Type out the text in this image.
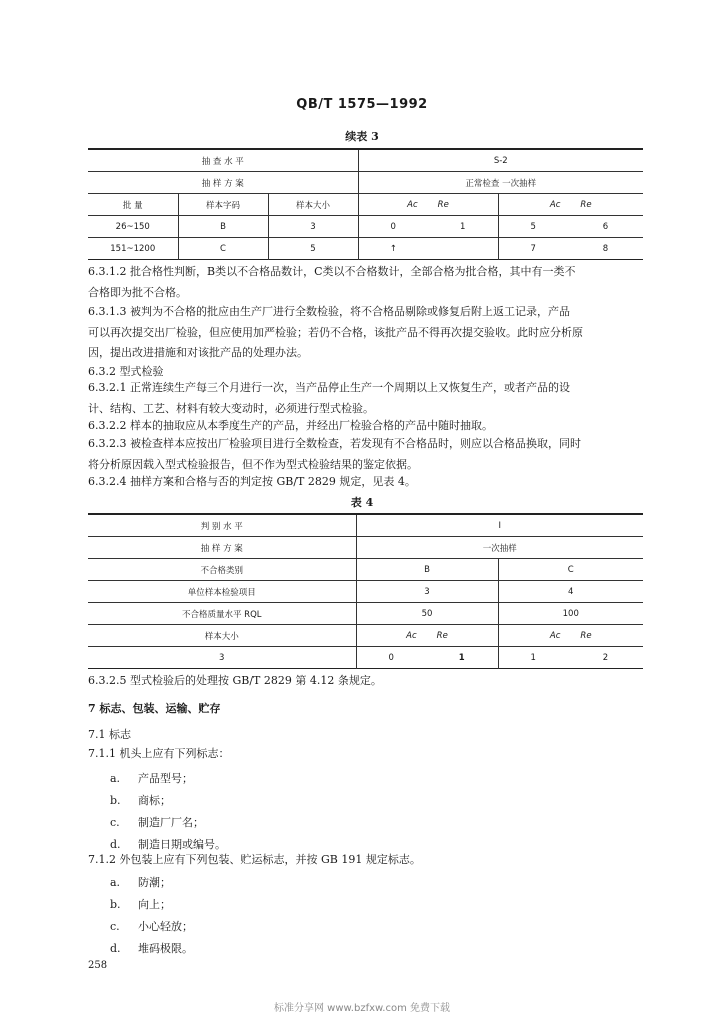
QB/T 1575—1992
续表 3
抽 查 水 平			S-2			
抽 样 方 案			正常检查 一次抽样			
批 量	样本字码	样本大小	Ac Re		Ac Re	
26~150	B	3	0	1	5	6
151~1200	C	5	↑		7	8
6.3.1.2 批合格性判断，B类以不合格品数计，C类以不合格数计，全部合格为批合格，其中有一类不
合格即为批不合格。
6.3.1.3 被判为不合格的批应由生产厂进行全数检验，将不合格品剔除或修复后附上返工记录，产品
可以再次提交出厂检验，但应使用加严检验；若仍不合格，该批产品不得再次提交验收。此时应分析原
因，提出改进措施和对该批产品的处理办法。
6.3.2 型式检验
6.3.2.1 正常连续生产每三个月进行一次，当产品停止生产一个周期以上又恢复生产，或者产品的设
计、结构、工艺、材料有较大变动时，必须进行型式检验。
6.3.2.2 样本的抽取应从本季度生产的产品，并经出厂检验合格的产品中随时抽取。
6.3.2.3 被检查样本应按出厂检验项目进行全数检查，若发现有不合格品时，则应以合格品换取，同时
将分析原因载入型式检验报告，但不作为型式检验结果的鉴定依据。
6.3.2.4 抽样方案和合格与否的判定按 GB/T 2829 规定，见表 4。
表 4
判 别 水 平	Ⅰ			
抽 样 方 案	一次抽样			
不合格类别	B		C	
单位样本检验项目	3		4	
不合格质量水平 RQL	50		100	
样本大小	Ac Re		Ac Re	
3	0	1	1	2
6.3.2.5 型式检验后的处理按 GB/T 2829 第 4.12 条规定。
7 标志、包装、运输、贮存
7.1 标志
7.1.1 机头上应有下列标志：
a. 产品型号；
b. 商标；
c. 制造厂厂名；
d. 制造日期或编号。
7.1.2 外包装上应有下列包装、贮运标志，并按 GB 191 规定标志。
a. 防潮；
b. 向上；
c. 小心轻放；
d. 堆码极限。
258
标准分享网 www.bzfxw.com 免费下载
